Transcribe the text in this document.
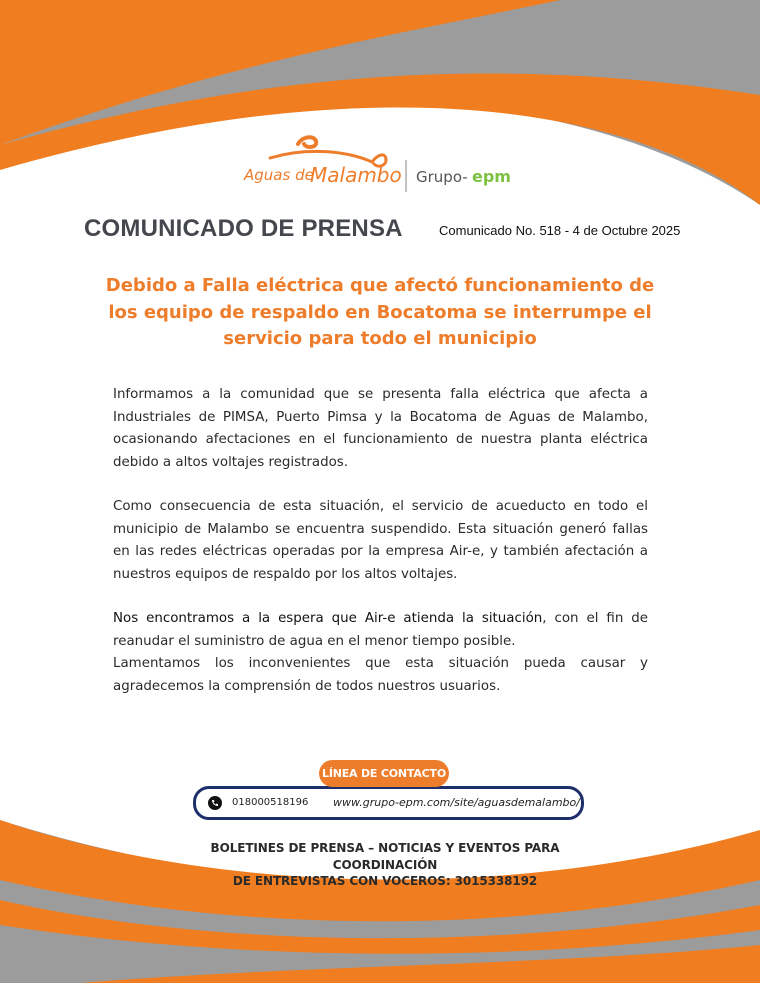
Aguas de
Malambo Grupo- epm
COMUNICADO DE PRENSA	Comunicado No. 518 - 4 de Octubre 2025
Debido a Falla eléctrica que afectó funcionamiento de los equipo de respaldo en Bocatoma se interrumpe el servicio para todo el municipio

Informamos a la comunidad que se presenta falla eléctrica que afecta a Industriales de PIMSA, Puerto Pimsa y la Bocatoma de Aguas de Malambo, ocasionando afectaciones en el funcionamiento de nuestra planta eléctrica debido a altos voltajes registrados.

Como consecuencia de esta situación, el servicio de acueducto en todo el municipio de Malambo se encuentra suspendido. Esta situación generó fallas en las redes eléctricas operadas por la empresa Air-e, y también afectación a nuestros equipos de respaldo por los altos voltajes.

Nos encontramos a la espera que Air-e atienda la situación, con el fin de reanudar el suministro de agua en el menor tiempo posible.
Lamentamos los inconvenientes que esta situación pueda causar y agradecemos la comprensión de todos nuestros usuarios.
LÍNEA DE CONTACTO
018000518196 www.grupo-epm.com/site/aguasdemalambo/
BOLETINES DE PRENSA – NOTICIAS Y EVENTOS PARA COORDINACIÓN
DE ENTREVISTAS CON VOCEROS: 3015338192
